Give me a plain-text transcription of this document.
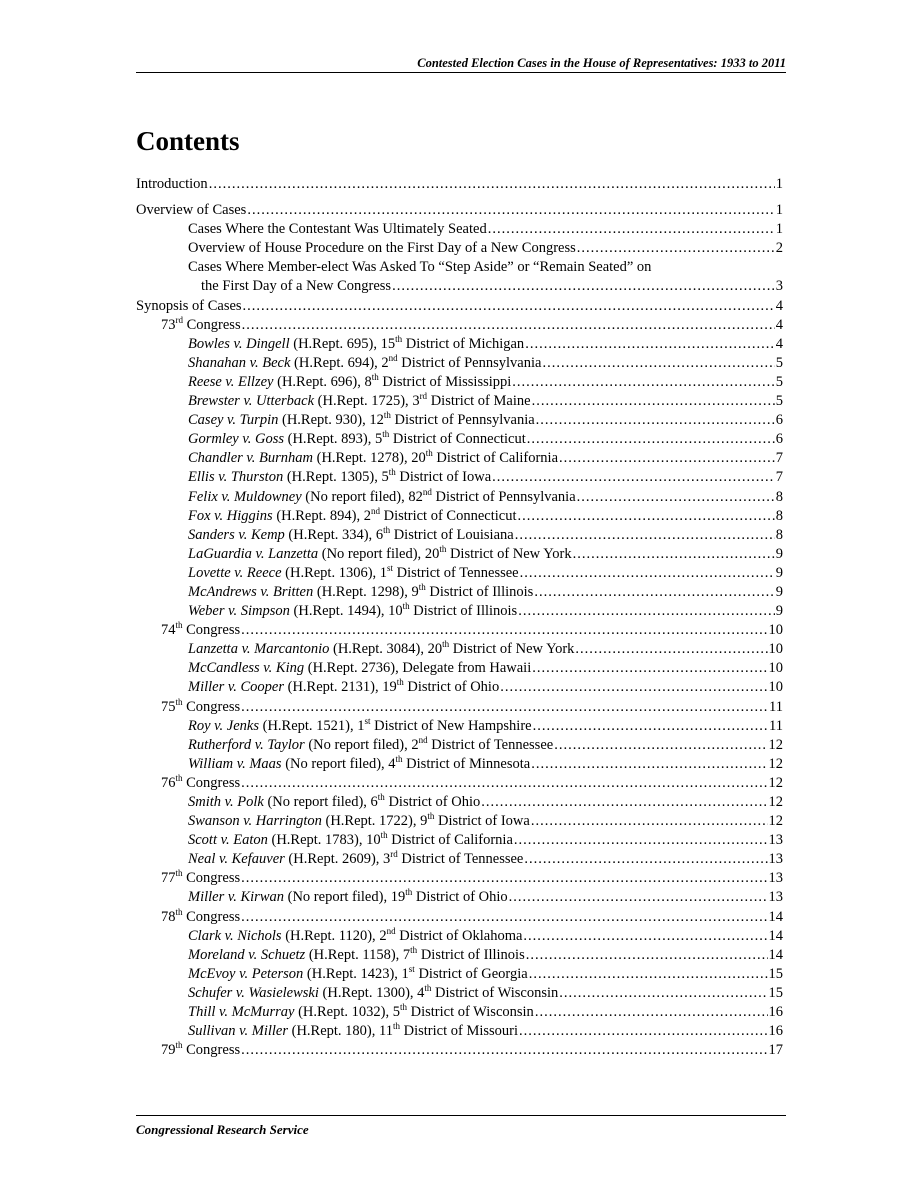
Contested Election Cases in the House of Representatives: 1933 to 2011
Contents
Introduction .....	1
Overview of Cases .....	1
Cases Where the Contestant Was Ultimately Seated .....	1
Overview of House Procedure on the First Day of a New Congress .....	2
Cases Where Member-elect Was Asked To “Step Aside” or “Remain Seated” on
the First Day of a New Congress .....	3
Synopsis of Cases .....	4
73rd Congress .....	4
Bowles v. Dingell (H.Rept. 695), 15th District of Michigan .....	4
Shanahan v. Beck (H.Rept. 694), 2nd District of Pennsylvania .....	5
Reese v. Ellzey (H.Rept. 696), 8th District of Mississippi .....	5
Brewster v. Utterback (H.Rept. 1725), 3rd District of Maine .....	5
Casey v. Turpin (H.Rept. 930), 12th District of Pennsylvania .....	6
Gormley v. Goss (H.Rept. 893), 5th District of Connecticut .....	6
Chandler v. Burnham (H.Rept. 1278), 20th District of California .....	7
Ellis v. Thurston (H.Rept. 1305), 5th District of Iowa .....	7
Felix v. Muldowney (No report filed), 82nd District of Pennsylvania .....	8
Fox v. Higgins (H.Rept. 894), 2nd District of Connecticut .....	8
Sanders v. Kemp (H.Rept. 334), 6th District of Louisiana .....	8
LaGuardia v. Lanzetta (No report filed), 20th District of New York .....	9
Lovette v. Reece (H.Rept. 1306), 1st District of Tennessee .....	9
McAndrews v. Britten (H.Rept. 1298), 9th District of Illinois .....	9
Weber v. Simpson (H.Rept. 1494), 10th District of Illinois .....	9
74th Congress .....	10
Lanzetta v. Marcantonio (H.Rept. 3084), 20th District of New York .....	10
McCandless v. King (H.Rept. 2736), Delegate from Hawaii .....	10
Miller v. Cooper (H.Rept. 2131), 19th District of Ohio .....	10
75th Congress .....	11
Roy v. Jenks (H.Rept. 1521), 1st District of New Hampshire .....	11
Rutherford v. Taylor (No report filed), 2nd District of Tennessee .....	12
William v. Maas (No report filed), 4th District of Minnesota .....	12
76th Congress .....	12
Smith v. Polk (No report filed), 6th District of Ohio .....	12
Swanson v. Harrington (H.Rept. 1722), 9th District of Iowa .....	12
Scott v. Eaton (H.Rept. 1783), 10th District of California .....	13
Neal v. Kefauver (H.Rept. 2609), 3rd District of Tennessee .....	13
77th Congress .....	13
Miller v. Kirwan (No report filed), 19th District of Ohio .....	13
78th Congress .....	14
Clark v. Nichols (H.Rept. 1120), 2nd District of Oklahoma .....	14
Moreland v. Schuetz (H.Rept. 1158), 7th District of Illinois .....	14
McEvoy v. Peterson (H.Rept. 1423), 1st District of Georgia .....	15
Schufer v. Wasielewski (H.Rept. 1300), 4th District of Wisconsin .....	15
Thill v. McMurray (H.Rept. 1032), 5th District of Wisconsin .....	16
Sullivan v. Miller (H.Rept. 180), 11th District of Missouri .....	16
79th Congress .....	17
Congressional Research Service
